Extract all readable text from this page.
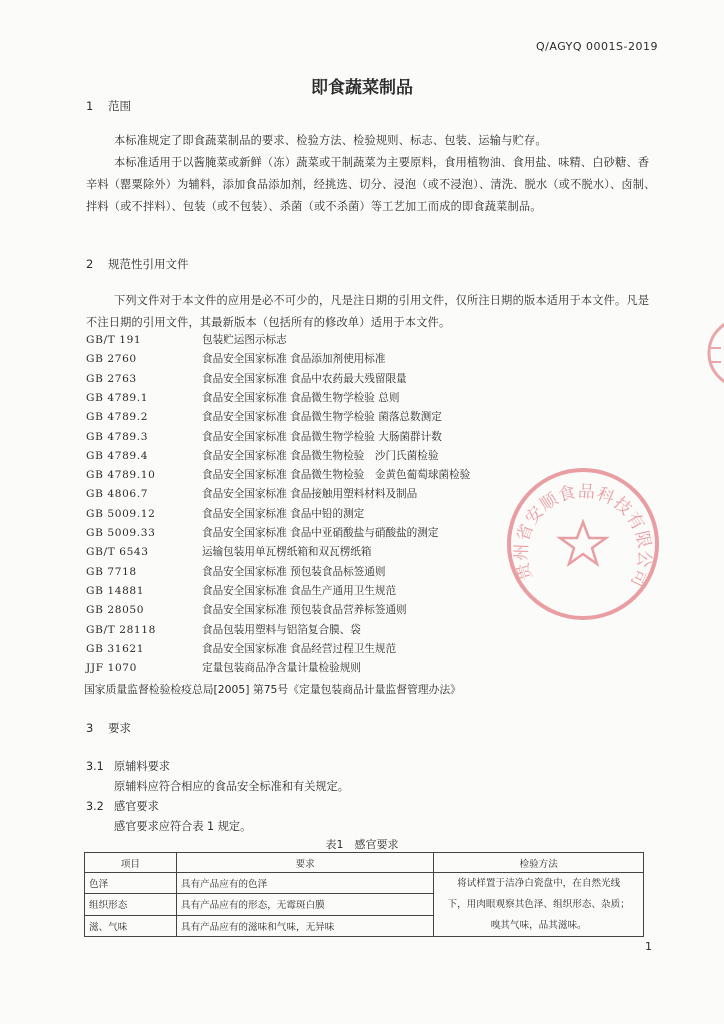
Q/AGYQ 0001S-2019
即食蔬菜制品
1 范围

本标准规定了即食蔬菜制品的要求、检验方法、检验规则、标志、包装、运输与贮存。

本标准适用于以酱腌菜或新鲜（冻）蔬菜或干制蔬菜为主要原料，食用植物油、食用盐、味精、白砂糖、香辛料（罂粟除外）为辅料，添加食品添加剂，经挑选、切分、浸泡（或不浸泡）、清洗、脱水（或不脱水）、卤制、拌料（或不拌料）、包装（或不包装）、杀菌（或不杀菌）等工艺加工而成的即食蔬菜制品。

2 规范性引用文件

下列文件对于本文件的应用是必不可少的，凡是注日期的引用文件，仅所注日期的版本适用于本文件。凡是不注日期的引用文件，其最新版本（包括所有的修改单）适用于本文件。

GB/T 191	包装贮运图示标志
GB 2760	食品安全国家标准 食品添加剂使用标准
GB 2763	食品安全国家标准 食品中农药最大残留限量
GB 4789.1	食品安全国家标准 食品微生物学检验 总则
GB 4789.2	食品安全国家标准 食品微生物学检验 菌落总数测定
GB 4789.3	食品安全国家标准 食品微生物学检验 大肠菌群计数
GB 4789.4	食品安全国家标准 食品微生物检验　沙门氏菌检验
GB 4789.10	食品安全国家标准 食品微生物检验　金黄色葡萄球菌检验
GB 4806.7	食品安全国家标准 食品接触用塑料材料及制品
GB 5009.12	食品安全国家标准 食品中铅的测定
GB 5009.33	食品安全国家标准 食品中亚硝酸盐与硝酸盐的测定
GB/T 6543	运输包装用单瓦楞纸箱和双瓦楞纸箱
GB 7718	食品安全国家标准 预包装食品标签通则
GB 14881	食品安全国家标准 食品生产通用卫生规范
GB 28050	食品安全国家标准 预包装食品营养标签通则
GB/T 28118	食品包装用塑料与铝箔复合膜、袋
GB 31621	食品安全国家标准 食品经营过程卫生规范
JJF 1070	定量包装商品净含量计量检验规则
国家质量监督检验检疫总局[2005] 第75号《定量包装商品计量监督管理办法》
3 要求
3.1 原辅料要求
原辅料应符合相应的食品安全标准和有关规定。
3.2 感官要求
感官要求应符合表 1 规定。
表1　感官要求
项目	要求	检验方法
色泽	具有产品应有的色泽	将试样置于洁净白瓷盘中，在自然光线
下，用肉眼观察其色泽、组织形态、杂质；
嗅其气味，品其滋味。

组织形态	具有产品应有的形态，无霉斑白膜	
滋、气味	具有产品应有的滋味和气味，无异味	
1
贵州省安顺食品科技有限公司
